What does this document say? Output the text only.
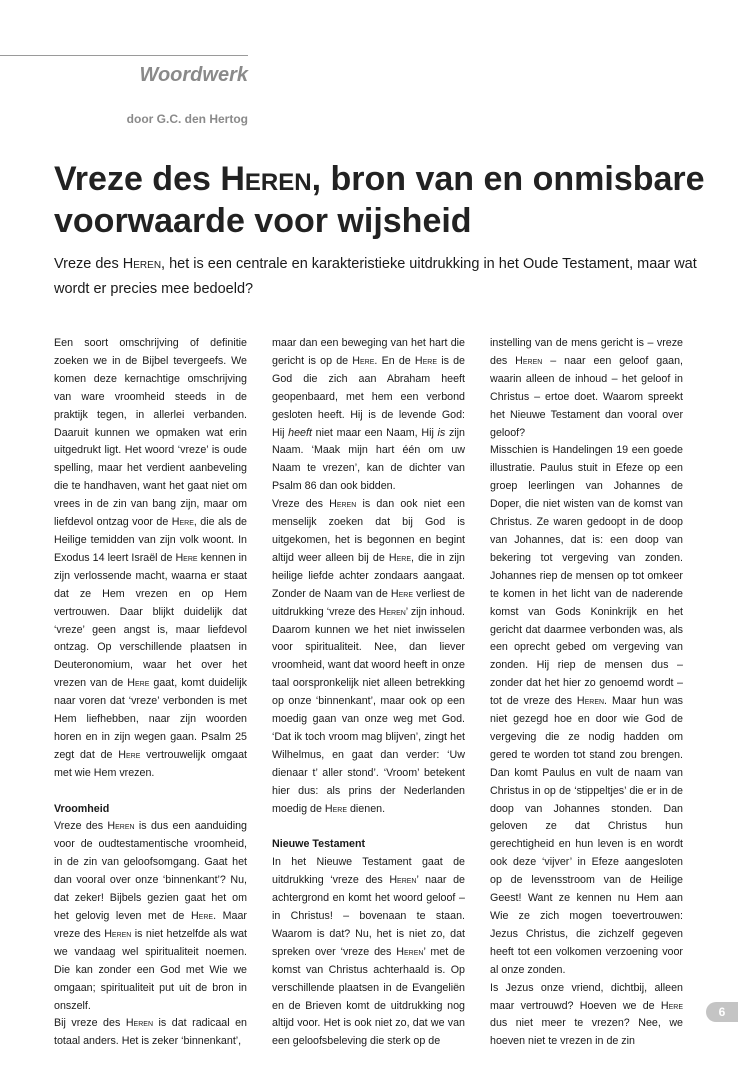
Woordwerk
door G.C. den Hertog
Vreze des Heren, bron van en onmisbare voorwaarde voor wijsheid

Vreze des Heren, het is een centrale en karakteristieke uitdrukking in het Oude Testament, maar wat wordt er precies mee bedoeld?

Een soort omschrijving of definitie zoeken we in de Bijbel tevergeefs. We komen deze kernachtige omschrijving van ware vroomheid steeds in de praktijk tegen, in allerlei verbanden. Daaruit kunnen we opmaken wat erin uitgedrukt ligt. Het woord ‘vreze’ is oude spelling, maar het verdient aanbeveling die te handhaven, want het gaat niet om vrees in de zin van bang zijn, maar om liefdevol ontzag voor de Here, die als de Heilige temidden van zijn volk woont. In Exodus 14 leert Israël de Here kennen in zijn verlossende macht, waarna er staat dat ze Hem vrezen en op Hem vertrouwen. Daar blijkt duidelijk dat ‘vreze’ geen angst is, maar liefdevol ontzag. Op verschillende plaatsen in Deuteronomium, waar het over het vrezen van de Here gaat, komt duidelijk naar voren dat ‘vreze’ verbonden is met Hem liefhebben, naar zijn woorden horen en in zijn wegen gaan. Psalm 25 zegt dat de Here vertrouwelijk omgaat met wie Hem vrezen.

Vroomheid

Vreze des Heren is dus een aanduiding voor de oudtestamentische vroomheid, in de zin van geloofsomgang. Gaat het dan vooral over onze ‘binnenkant’? Nu, dat zeker! Bijbels gezien gaat het om het gelovig leven met de Here. Maar vreze des Heren is niet hetzelfde als wat we vandaag wel spiritualiteit noemen. Die kan zonder een God met Wie we omgaan; spiritualiteit put uit de bron in onszelf.

Bij vreze des Heren is dat radicaal en totaal anders. Het is zeker ‘binnenkant’,

maar dan een beweging van het hart die gericht is op de Here. En de Here is de God die zich aan Abraham heeft geopenbaard, met hem een verbond gesloten heeft. Hij is de levende God: Hij heeft niet maar een Naam, Hij is zijn Naam. ‘Maak mijn hart één om uw Naam te vrezen’, kan de dichter van Psalm 86 dan ook bidden.

Vreze des Heren is dan ook niet een menselijk zoeken dat bij God is uitgekomen, het is begonnen en begint altijd weer alleen bij de Here, die in zijn heilige liefde achter zondaars aangaat. Zonder de Naam van de Here verliest de uitdrukking ‘vreze des Heren’ zijn inhoud. Daarom kunnen we het niet inwisselen voor spiritualiteit. Nee, dan liever vroomheid, want dat woord heeft in onze taal oorspronkelijk niet alleen betrekking op onze ‘binnenkant’, maar ook op een moedig gaan van onze weg met God. ‘Dat ik toch vroom mag blijven’, zingt het Wilhelmus, en gaat dan verder: ‘Uw dienaar t’ aller stond’. ‘Vroom’ betekent hier dus: als prins der Nederlanden moedig de Here dienen.

Nieuwe Testament

In het Nieuwe Testament gaat de uitdrukking ‘vreze des Heren’ naar de achtergrond en komt het woord geloof – in Christus! – bovenaan te staan. Waarom is dat? Nu, het is niet zo, dat spreken over ‘vreze des Heren’ met de komst van Christus achterhaald is. Op verschillende plaatsen in de Evangeliën en de Brieven komt de uitdrukking nog altijd voor. Het is ook niet zo, dat we van een geloofsbeleving die sterk op de

instelling van de mens gericht is – vreze des Heren – naar een geloof gaan, waarin alleen de inhoud – het geloof in Christus – ertoe doet. Waarom spreekt het Nieuwe Testament dan vooral over geloof?

Misschien is Handelingen 19 een goede illustratie. Paulus stuit in Efeze op een groep leerlingen van Johannes de Doper, die niet wisten van de komst van Christus. Ze waren gedoopt in de doop van Johannes, dat is: een doop van bekering tot vergeving van zonden. Johannes riep de mensen op tot omkeer te komen in het licht van de naderende komst van Gods Koninkrijk en het gericht dat daarmee verbonden was, als een oprecht gebed om vergeving van zonden. Hij riep de mensen dus – zonder dat het hier zo genoemd wordt – tot de vreze des Heren. Maar hun was niet gezegd hoe en door wie God de vergeving die ze nodig hadden om gered te worden tot stand zou brengen. Dan komt Paulus en vult de naam van Christus in op de ‘stippeltjes’ die er in de doop van Johannes stonden. Dan geloven ze dat Christus hun gerechtigheid en hun leven is en wordt ook deze ‘vijver’ in Efeze aangesloten op de levensstroom van de Heilige Geest! Want ze kennen nu Hem aan Wie ze zich mogen toevertrouwen: Jezus Christus, die zichzelf gegeven heeft tot een volkomen verzoening voor al onze zonden.

Is Jezus onze vriend, dichtbij, alleen maar vertrouwd? Hoeven we de Here dus niet meer te vrezen? Nee, we hoeven niet te vrezen in de zin

6
